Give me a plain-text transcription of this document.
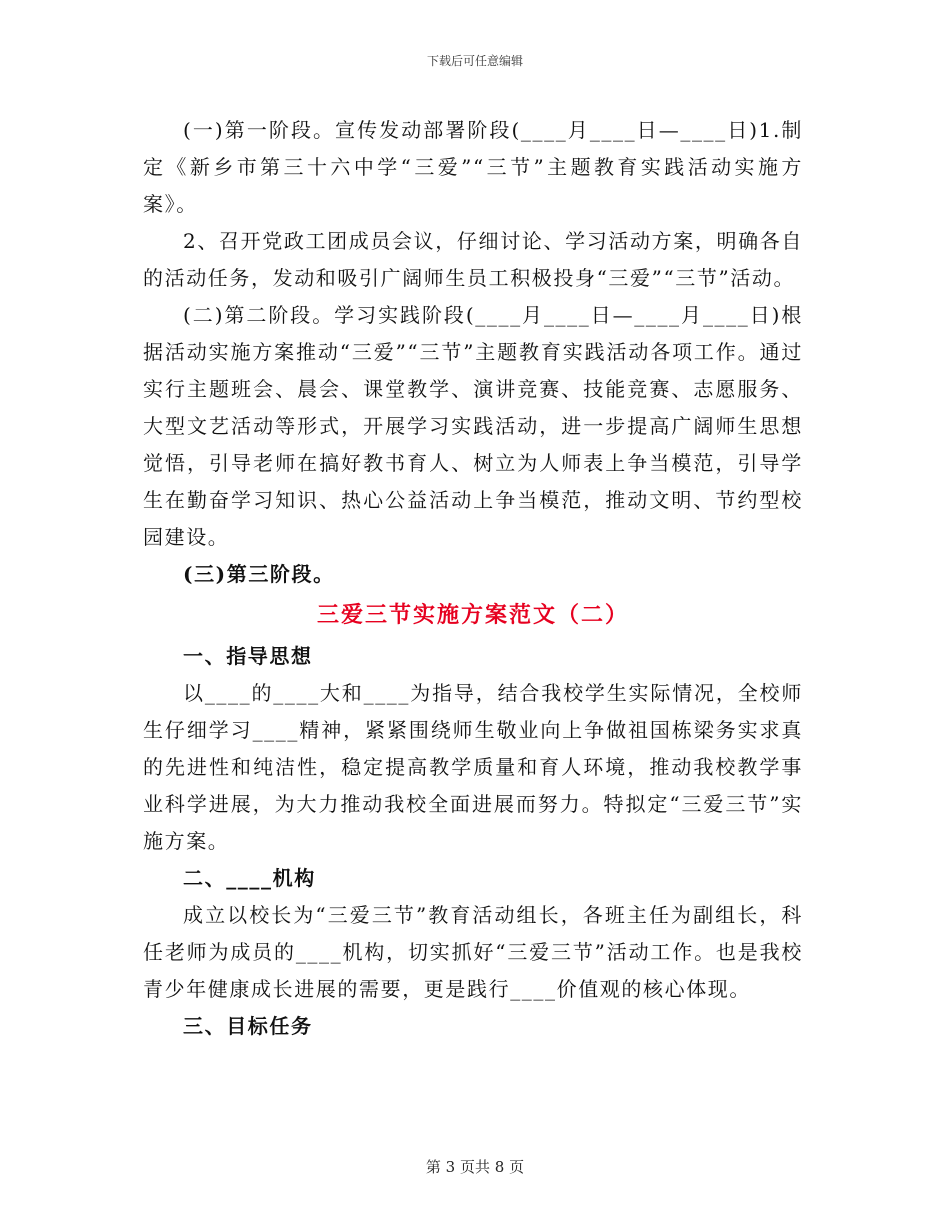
下载后可任意编辑

(一)第一阶段。宣传发动部署阶段(____月____日—____日)1.制定《新乡市第三十六中学“三爱”“三节”主题教育实践活动实施方案》。

2、召开党政工团成员会议，仔细讨论、学习活动方案，明确各自的活动任务，发动和吸引广阔师生员工积极投身“三爱”“三节”活动。

(二)第二阶段。学习实践阶段(____月____日—____月____日)根据活动实施方案推动“三爱”“三节”主题教育实践活动各项工作。通过实行主题班会、晨会、课堂教学、演讲竞赛、技能竞赛、志愿服务、大型文艺活动等形式，开展学习实践活动，进一步提高广阔师生思想觉悟，引导老师在搞好教书育人、树立为人师表上争当模范，引导学生在勤奋学习知识、热心公益活动上争当模范，推动文明、节约型校园建设。

(三)第三阶段。

三爱三节实施方案范文（二）

一、指导思想

以____的____大和____为指导，结合我校学生实际情况，全校师生仔细学习____精神，紧紧围绕师生敬业向上争做祖国栋梁务实求真的先进性和纯洁性，稳定提高教学质量和育人环境，推动我校教学事业科学进展，为大力推动我校全面进展而努力。特拟定“三爱三节”实施方案。

二、____机构

成立以校长为“三爱三节”教育活动组长，各班主任为副组长，科任老师为成员的____机构，切实抓好“三爱三节”活动工作。也是我校青少年健康成长进展的需要，更是践行____价值观的核心体现。

三、目标任务

第 3 页共 8 页
